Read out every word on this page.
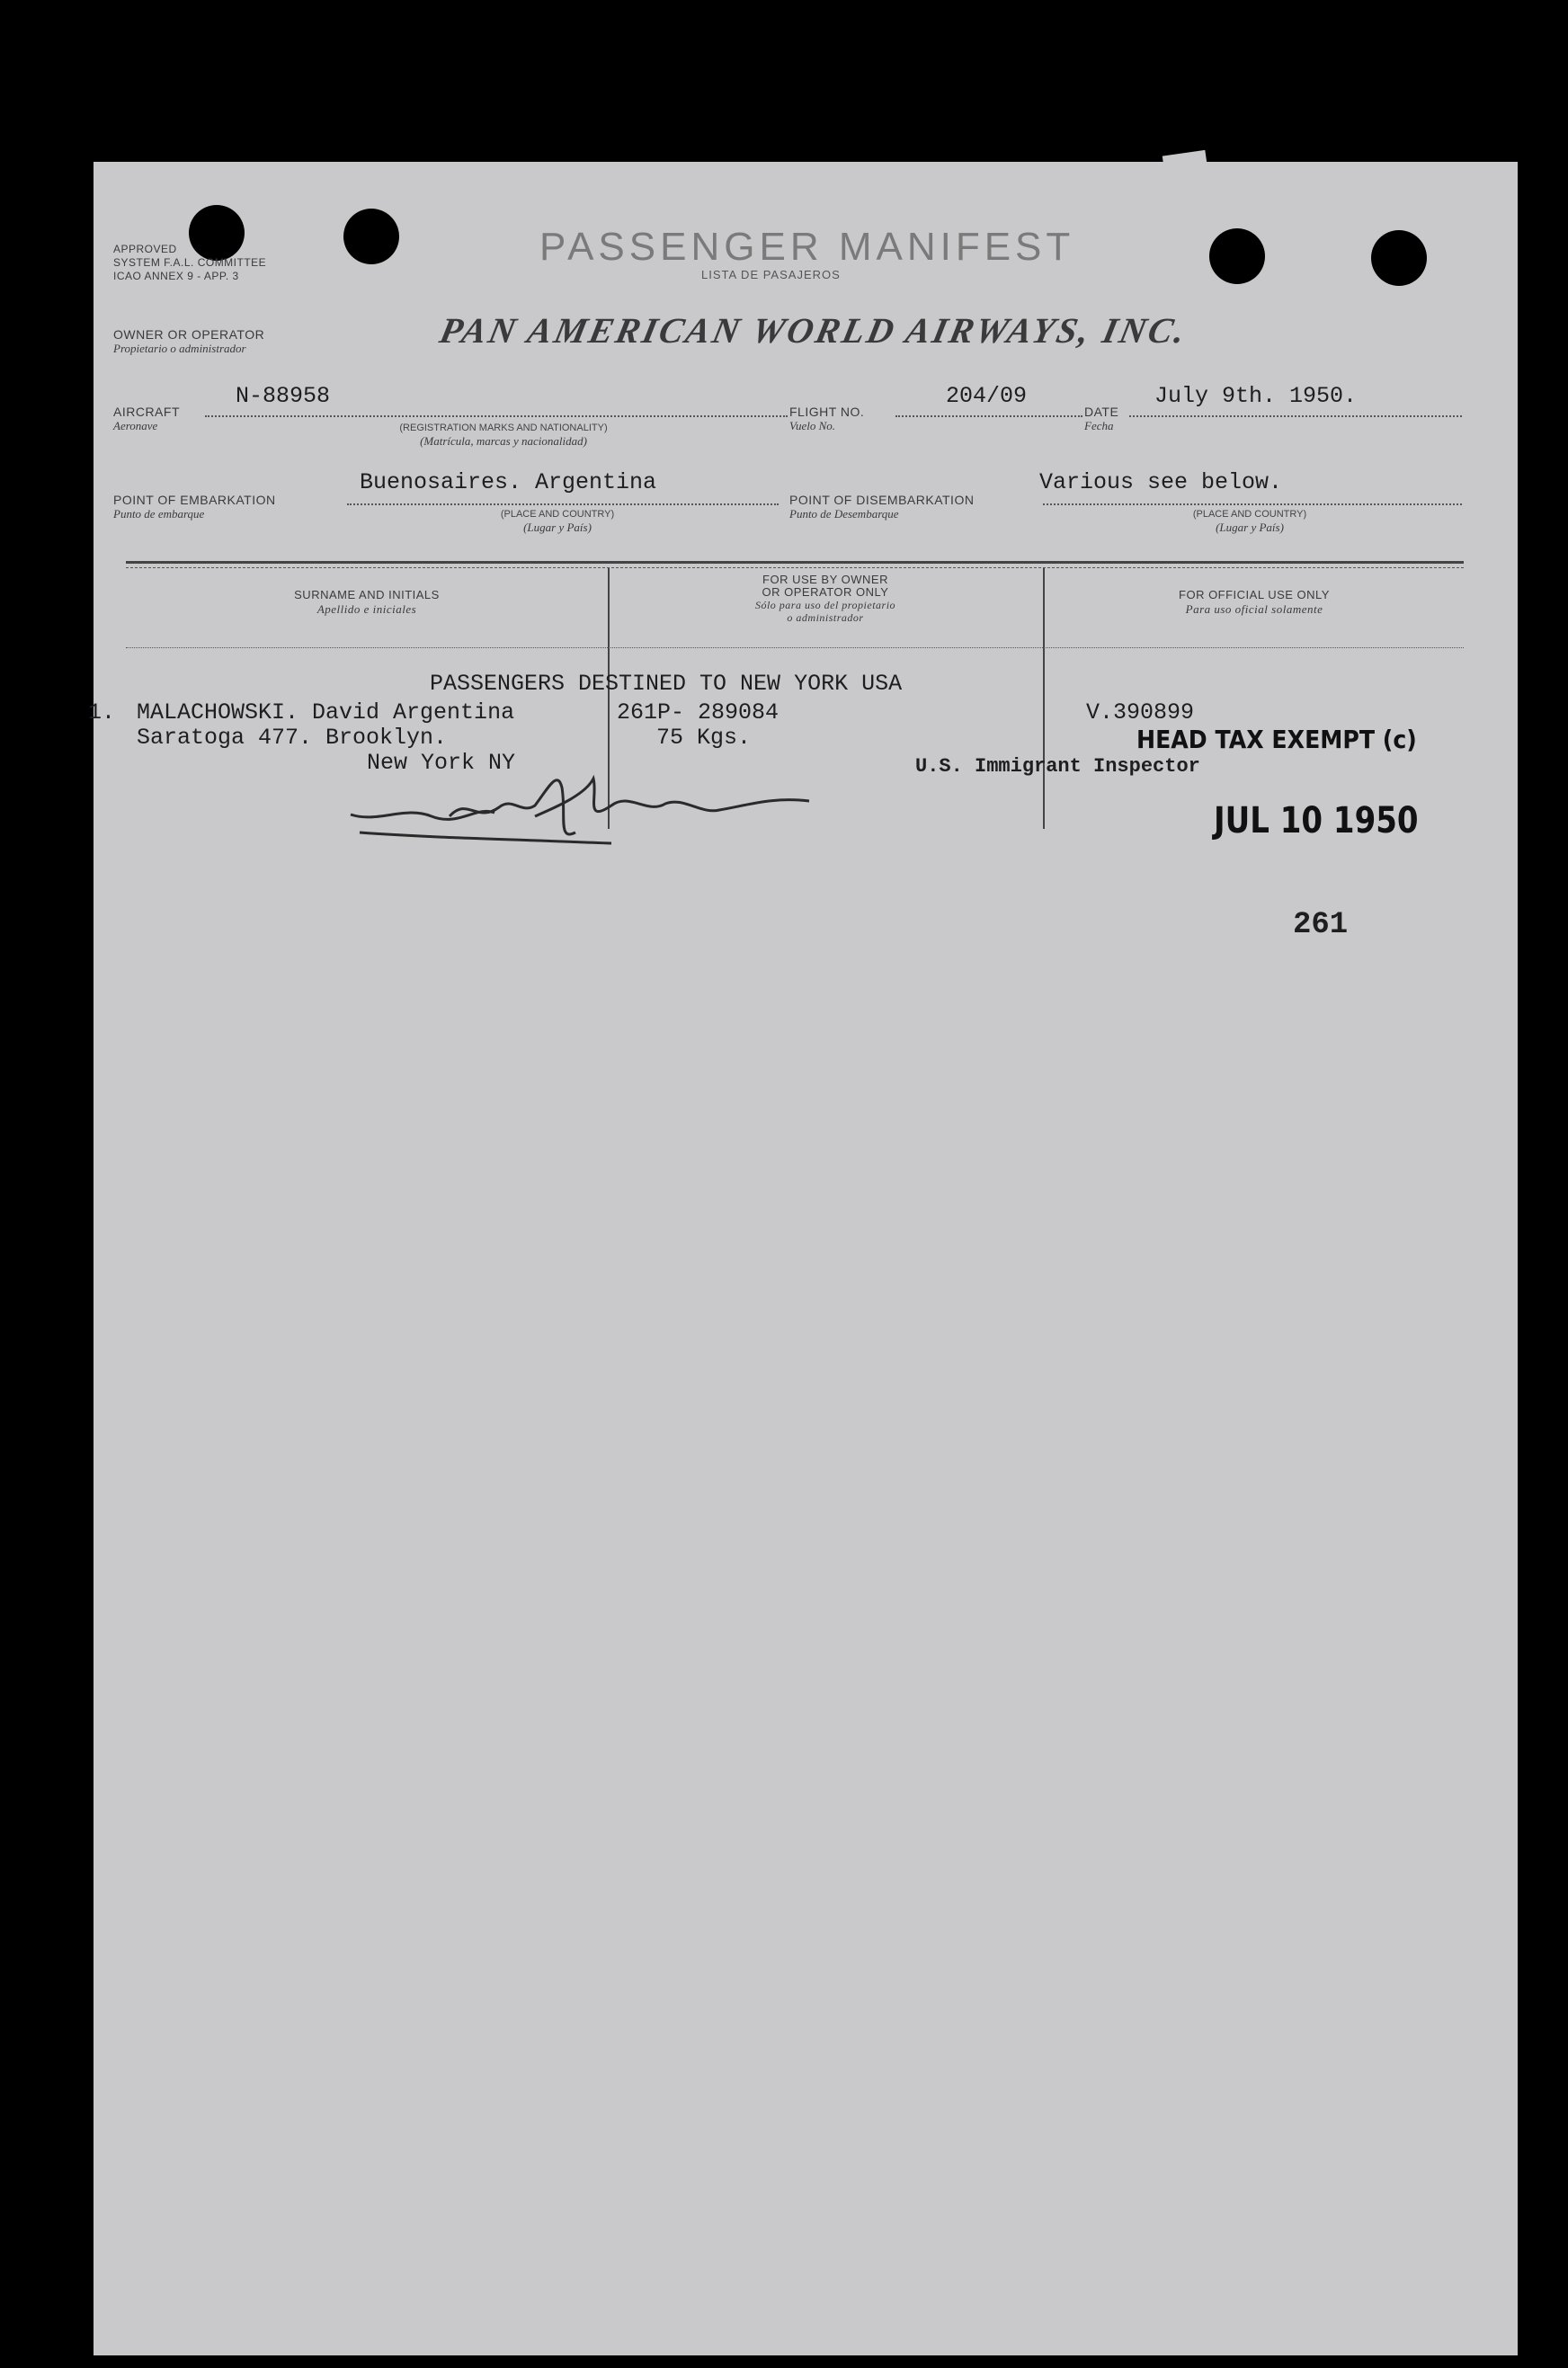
APPROVED
SYSTEM F.A.L. COMMITTEE
ICAO ANNEX 9 - APP. 3
PASSENGER MANIFEST
LISTA DE PASAJEROS
OWNER OR OPERATOR
Propietario o administrador	PAN AMERICAN WORLD AIRWAYS, INC.
AIRCRAFT
Aeronave
N-88958
(REGISTRATION MARKS AND NATIONALITY)
(Matrícula, marcas y nacionalidad)
FLIGHT NO.
Vuelo No.
204/09
DATE
Fecha
July 9th. 1950.
POINT OF EMBARKATION
Punto de embarque
Buenosaires. Argentina
(PLACE AND COUNTRY)
(Lugar y País)
POINT OF DISEMBARKATION
Punto de Desembarque
Various see below.
(PLACE AND COUNTRY)
(Lugar y País)
SURNAME AND INITIALS
Apellido e iniciales
FOR USE BY OWNER
OR OPERATOR ONLY
Sólo para uso del propietario
o administrador
FOR OFFICIAL USE ONLY
Para uso oficial solamente
PASSENGERS DESTINED TO NEW YORK USA
1. MALACHOWSKI. David Argentina
Saratoga 477. Brooklyn.
New York NY
261P- 289084
75 Kgs.
V.390899
HEAD TAX EXEMPT (c)
U.S. Immigrant Inspector
JUL 10 1950
261
